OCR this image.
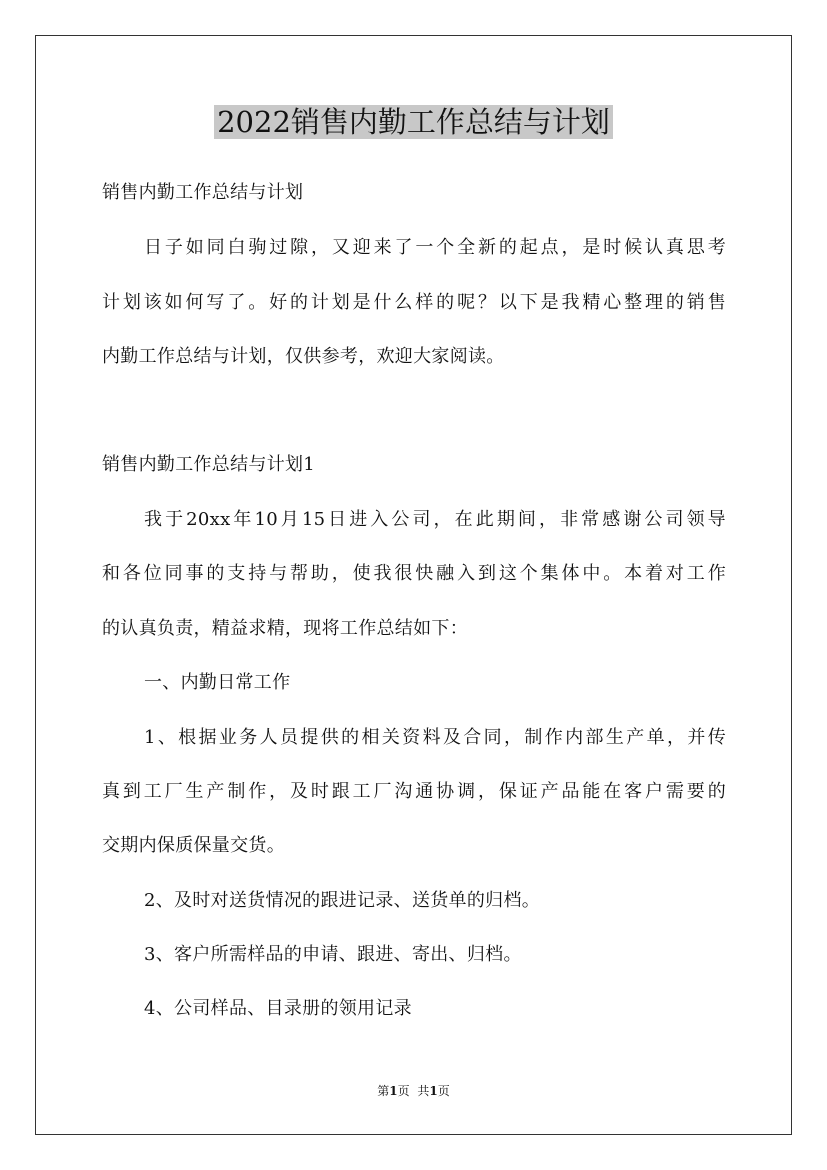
2022销售内勤工作总结与计划

销售内勤工作总结与计划

日子如同白驹过隙，又迎来了一个全新的起点，是时候认真思考

计划该如何写了。好的计划是什么样的呢？以下是我精心整理的销售

内勤工作总结与计划，仅供参考，欢迎大家阅读。

销售内勤工作总结与计划1

我于20xx年10月15日进入公司，在此期间，非常感谢公司领导

和各位同事的支持与帮助，使我很快融入到这个集体中。本着对工作

的认真负责，精益求精，现将工作总结如下：

一、内勤日常工作

1、根据业务人员提供的相关资料及合同，制作内部生产单，并传

真到工厂生产制作，及时跟工厂沟通协调，保证产品能在客户需要的

交期内保质保量交货。

2、及时对送货情况的跟进记录、送货单的归档。

3、客户所需样品的申请、跟进、寄出、归档。

4、公司样品、目录册的领用记录

第1页 共1页
